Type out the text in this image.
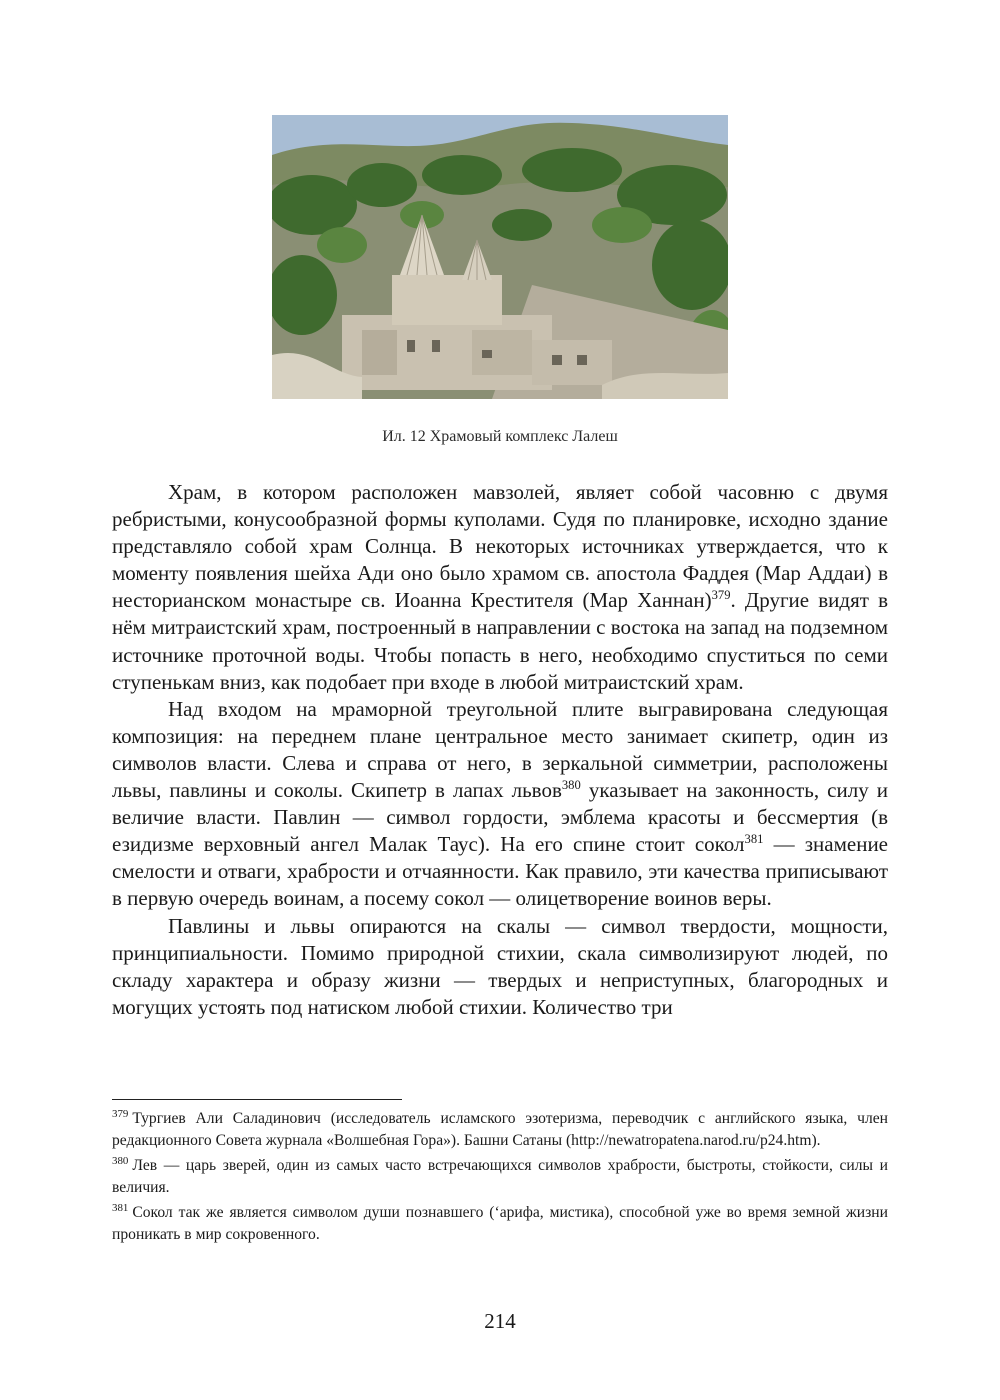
Ил. 12 Храмовый комплекс Лалеш

Храм, в котором расположен мавзолей, являет собой часовню с двумя ребристыми, конусообразной формы куполами. Судя по планировке, исходно здание представляло собой храм Солнца. В некоторых источниках утверждается, что к моменту появления шейха Ади оно было храмом св. апостола Фаддея (Мар Аддаи) в несторианском монастыре св. Иоанна Крестителя (Мар Ханнан)$^{379}$. Другие видят в нём митраистский храм, построенный в направлении с востока на запад на подземном источнике проточной воды. Чтобы попасть в него, необходимо спуститься по семи ступенькам вниз, как подобает при входе в любой митраистский храм.

Над входом на мраморной треугольной плите выгравирована следующая композиция: на переднем плане центральное место занимает скипетр, один из символов власти. Слева и справа от него, в зеркальной симметрии, расположены львы, павлины и соколы. Скипетр в лапах львов$^{380}$ указывает на законность, силу и величие власти. Павлин — символ гордости, эмблема красоты и бессмертия (в езидизме верховный ангел Малак Таус). На его спине стоит сокол$^{381}$ — знамение смелости и отваги, храбрости и отчаянности. Как правило, эти качества приписывают в первую очередь воинам, а посему сокол — олицетворение воинов веры.

Павлины и львы опираются на скалы — символ твердости, мощности, принципиальности. Помимо природной стихии, скала символизируют людей, по складу характера и образу жизни — твердых и неприступных, благородных и могущих устоять под натиском любой стихии. Количество три

$^{379}$ Тургиев Али Саладинович (исследователь исламского эзотеризма, переводчик с английского языка, член редакционного Совета журнала «Волшебная Гора»). Башни Сатаны (http://newatropatena.narod.ru/p24.htm).
$^{380}$ Лев — царь зверей, один из самых часто встречающихся символов храбрости, быстроты, стойкости, силы и величия.
$^{381}$ Сокол так же является символом души познавшего (‘арифа, мистика), способной уже во время земной жизни проникать в мир сокровенного.
214
